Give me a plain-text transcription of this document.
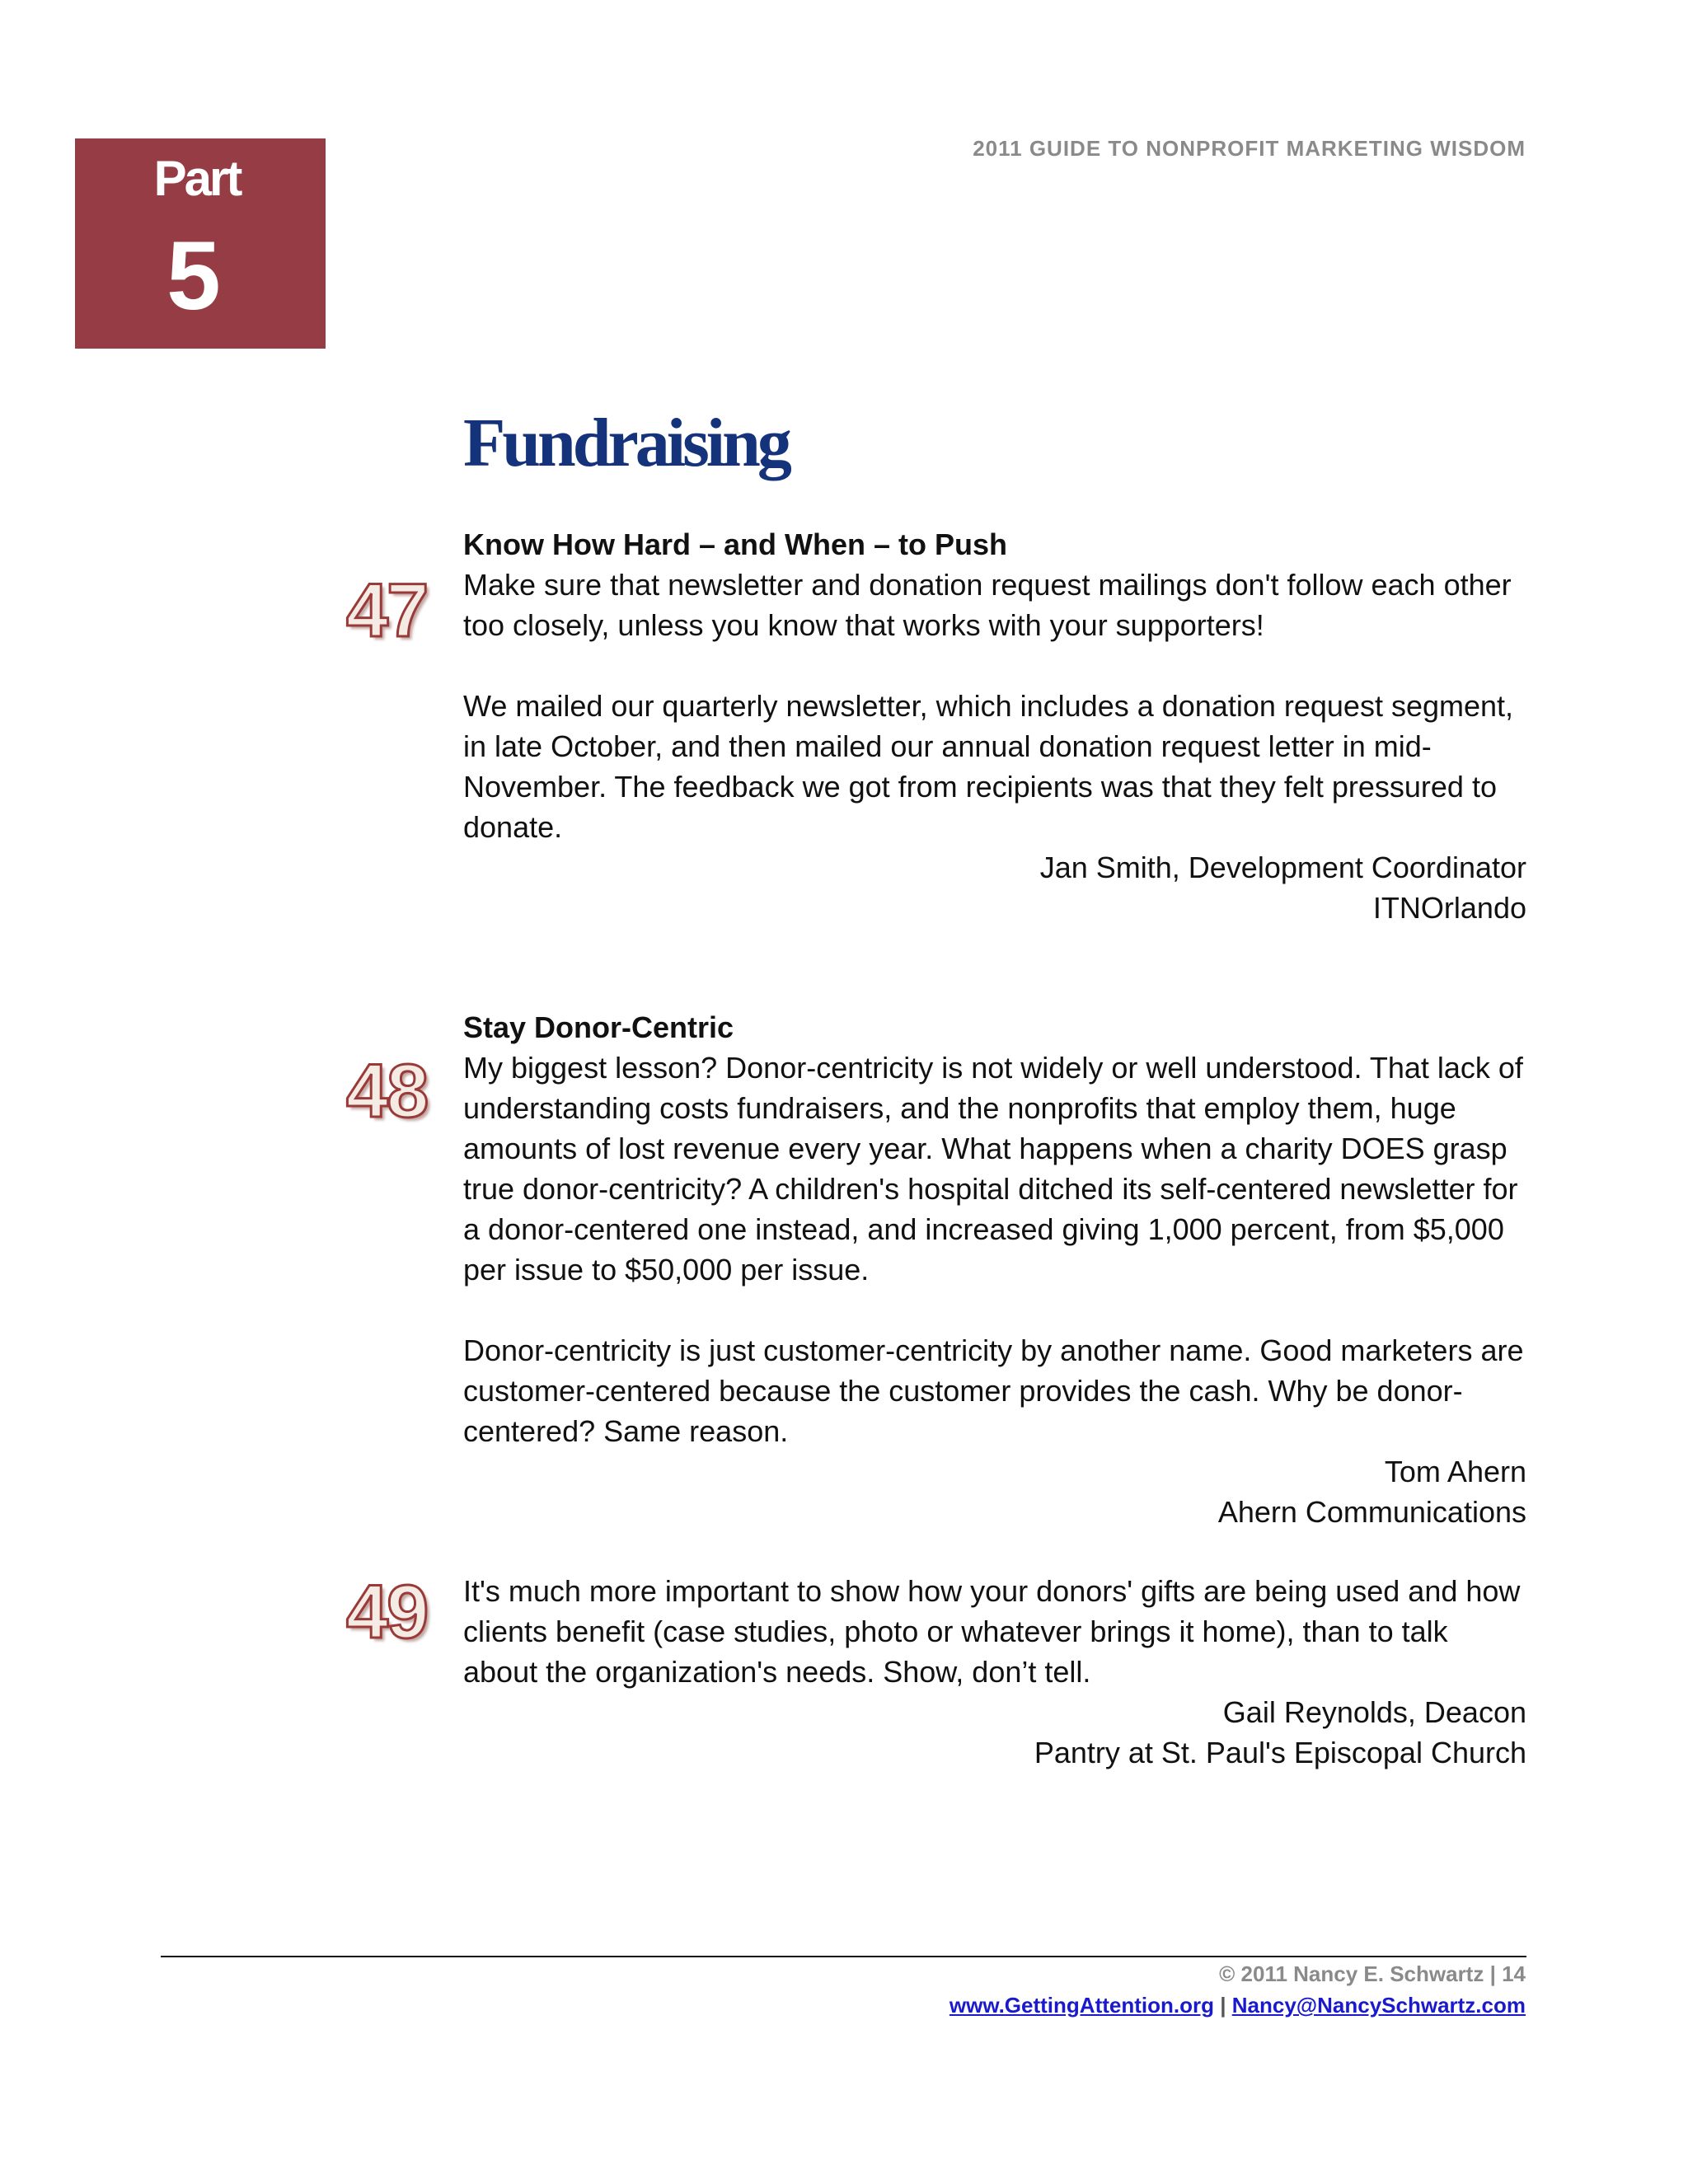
Part
5
2011 GUIDE TO NONPROFIT MARKETING WISDOM
Fundraising
47
Know How Hard – and When – to Push

Make sure that newsletter and donation request mailings don't follow each other too closely, unless you know that works with your supporters!

We mailed our quarterly newsletter, which includes a donation request segment, in late October, and then mailed our annual donation request letter in mid-November. The feedback we got from recipients was that they felt pressured to donate.

Jan Smith, Development Coordinator
ITNOrlando
48
Stay Donor-Centric

My biggest lesson? Donor-centricity is not widely or well understood. That lack of understanding costs fundraisers, and the nonprofits that employ them, huge amounts of lost revenue every year. What happens when a charity DOES grasp true donor-centricity? A children's hospital ditched its self-centered newsletter for a donor-centered one instead, and increased giving 1,000 percent, from $5,000 per issue to $50,000 per issue.

Donor-centricity is just customer-centricity by another name. Good marketers are customer-centered because the customer provides the cash. Why be donor-centered? Same reason.

Tom Ahern
Ahern Communications
49 It's much more important to show how your donors' gifts are being used and how clients benefit (case studies, photo or whatever brings it home), than to talk about the organization's needs. Show, don’t tell.

Gail Reynolds, Deacon
Pantry at St. Paul's Episcopal Church
© 2011 Nancy E. Schwartz | 14
www.GettingAttention.org | Nancy@NancySchwartz.com
